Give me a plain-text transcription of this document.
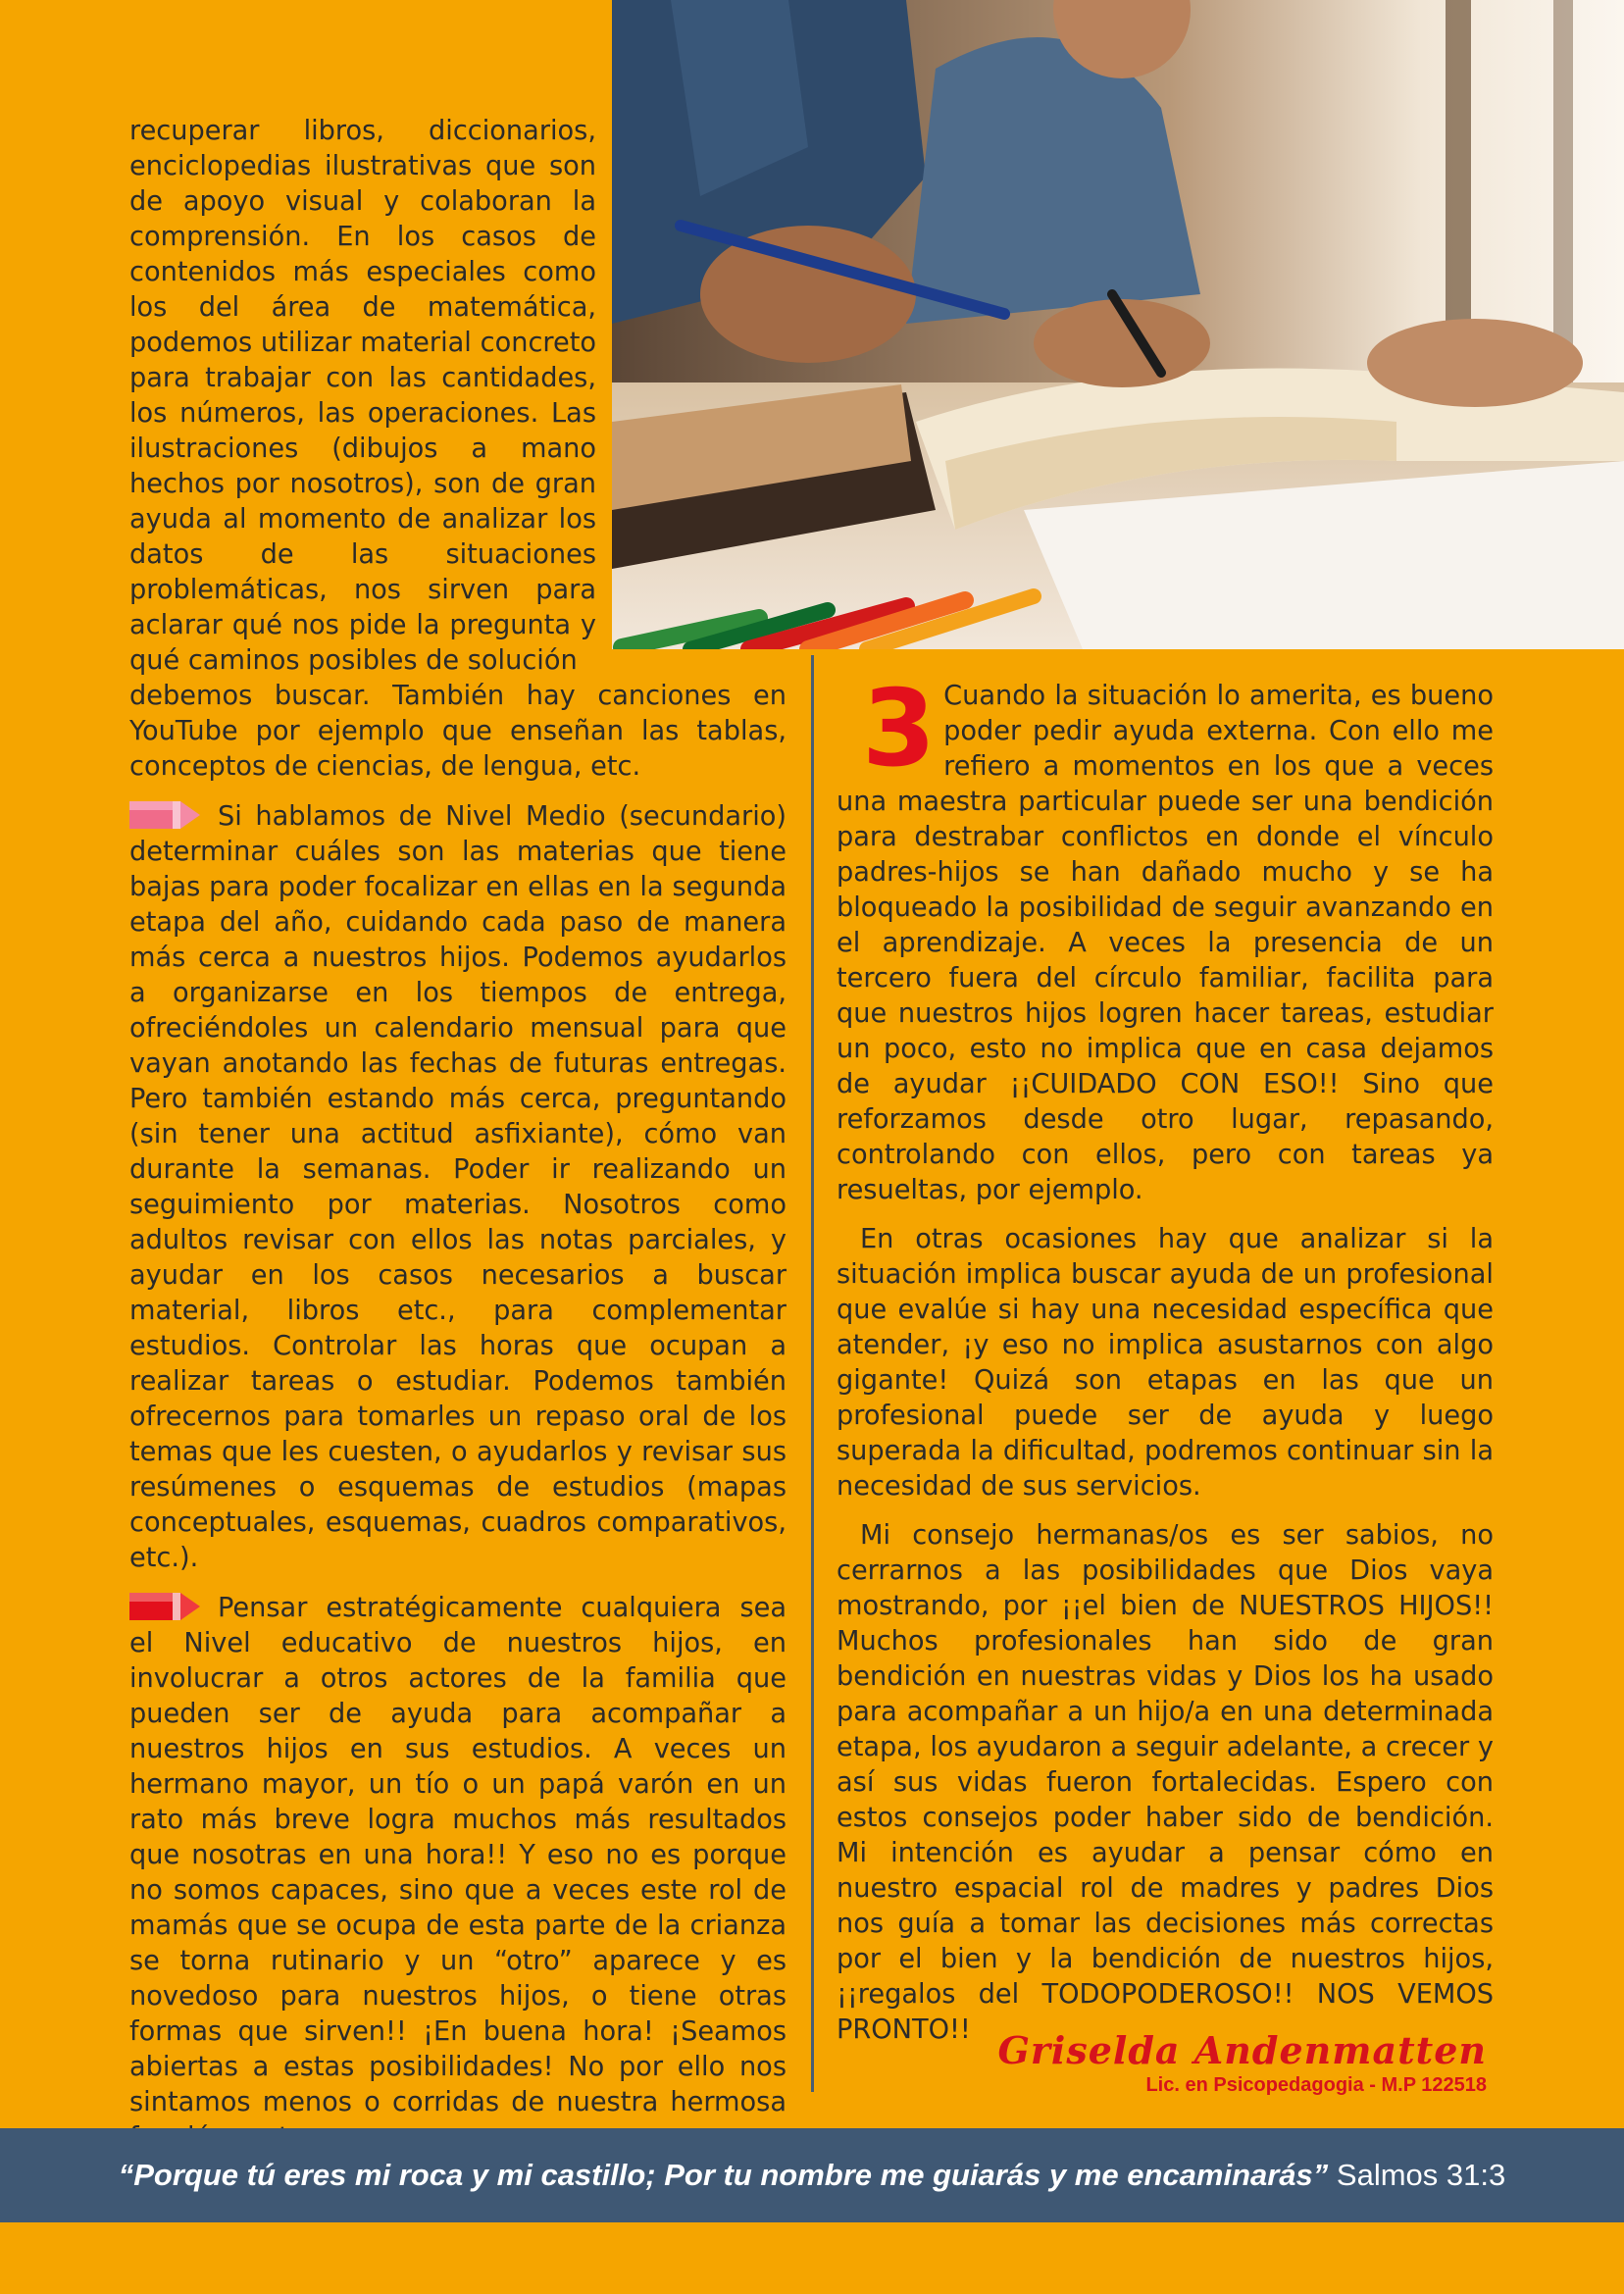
recuperar libros, diccionarios, enciclopedias ilustrativas que son de apoyo visual y colaboran la comprensión. En los casos de contenidos más especiales como los del área de matemática, podemos utilizar material concreto para trabajar con las cantidades, los números, las operaciones. Las ilustraciones (dibujos a mano hechos por nosotros), son de gran ayuda al momento de analizar los datos de las situaciones problemáticas, nos sirven para aclarar qué nos pide la pregunta y qué caminos posibles de solución

debemos buscar. También hay canciones en YouTube por ejemplo que enseñan las tablas, conceptos de ciencias, de lengua, etc.

Si hablamos de Nivel Medio (secundario) determinar cuáles son las materias que tiene bajas para poder focalizar en ellas en la segunda etapa del año, cuidando cada paso de manera más cerca a nuestros hijos. Podemos ayudarlos a organizarse en los tiempos de entrega, ofreciéndoles un calendario mensual para que vayan anotando las fechas de futuras entregas. Pero también estando más cerca, preguntando (sin tener una actitud asfixiante), cómo van durante la semanas. Poder ir realizando un seguimiento por materias. Nosotros como adultos revisar con ellos las notas parciales, y ayudar en los casos necesarios a buscar material, libros etc., para complementar estudios. Controlar las horas que ocupan a realizar tareas o estudiar. Podemos también ofrecernos para tomarles un repaso oral de los temas que les cuesten, o ayudarlos y revisar sus resúmenes o esquemas de estudios (mapas conceptuales, esquemas, cuadros comparativos, etc.).

Pensar estratégicamente cualquiera sea el Nivel educativo de nuestros hijos, en involucrar a otros actores de la familia que pueden ser de ayuda para acompañar a nuestros hijos en sus estudios. A veces un hermano mayor, un tío o un papá varón en un rato más breve logra muchos más resultados que nosotras en una hora!! Y eso no es porque no somos capaces, sino que a veces este rol de mamás que se ocupa de esta parte de la crianza se torna rutinario y un “otro” aparece y es novedoso para nuestros hijos, o tiene otras formas que sirven!! ¡En buena hora! ¡Seamos abiertas a estas posibilidades! No por ello nos sintamos menos o corridas de nuestra hermosa

3 Cuando la situación lo amerita, es bueno poder pedir ayuda externa. Con ello me refiero a momentos en los que a veces una maestra particular puede ser una bendición para destrabar conflictos en donde el vínculo padres-hijos se han dañado mucho y se ha bloqueado la posibilidad de seguir avanzando en el aprendizaje. A veces la presencia de un tercero fuera del círculo familiar, facilita para que nuestros hijos logren hacer tareas, estudiar un poco, esto no implica que en casa dejamos de ayudar ¡¡CUIDADO CON ESO!! Sino que reforzamos desde otro lugar, repasando, controlando con ellos, pero con tareas ya resueltas, por ejemplo.

En otras ocasiones hay que analizar si la situación implica buscar ayuda de un profesional que evalúe si hay una necesidad específica que atender, ¡y eso no implica asustarnos con algo gigante! Quizá son etapas en las que un profesional puede ser de ayuda y luego superada la dificultad, podremos continuar sin la necesidad de sus servicios.

Mi consejo hermanas/os es ser sabios, no cerrarnos a las posibilidades que Dios vaya mostrando, por ¡¡el bien de NUESTROS HIJOS!! Muchos profesionales han sido de gran bendición en nuestras vidas y Dios los ha usado para acompañar a un hijo/a en una determinada etapa, los ayudaron a seguir adelante, a crecer y así sus vidas fueron fortalecidas. Espero con estos consejos poder haber sido de bendición. Mi intención es ayudar a pensar cómo en nuestro espacial rol de madres y padres Dios nos guía a tomar las decisiones más correctas por el bien y la bendición de nuestros hijos, ¡¡regalos del TODOPODEROSO!! NOS VEMOS PRONTO!! Griselda Andenmatten
Lic. en Psicopedagogia - M.P 122518
“Porque tú eres mi roca y mi castillo; Por tu nombre me guiarás y me encaminarás” Salmos 31:3
